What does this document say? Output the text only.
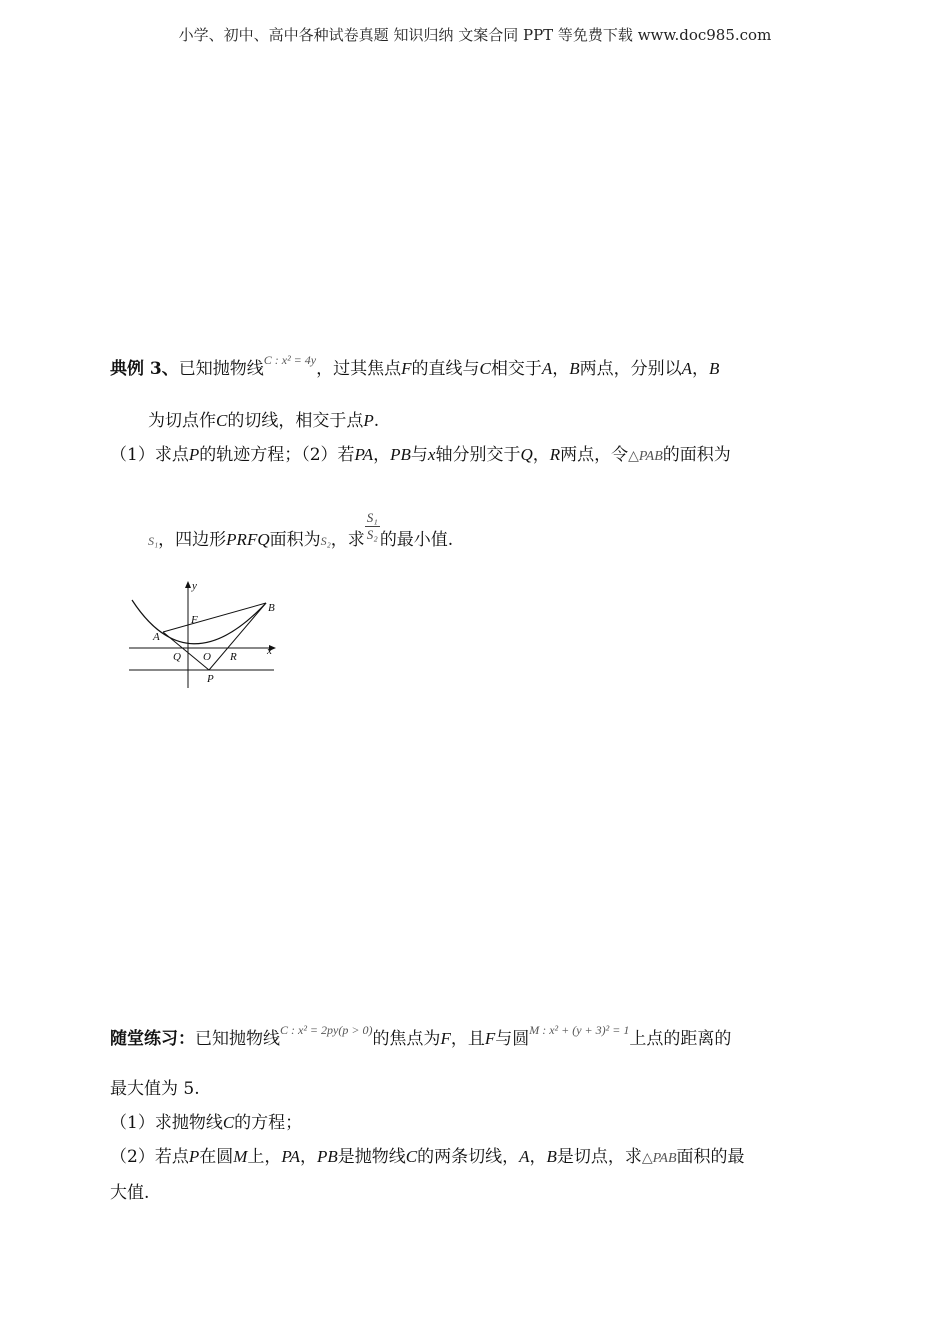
小学、初中、高中各种试卷真题 知识归纳 文案合同 PPT 等免费下载 www.doc985.com
典例 3、已知抛物线$^{C : x^2 = 4y}$，过其焦点F的直线与C相交于A，B两点，分别以A，B
为切点作C的切线，相交于点P.
（1）求点P的轨迹方程；（2）若PA，PB与x轴分别交于Q，R两点，令△PAB的面积为
S₁，四边形PRFQ面积为S₂，求 $\frac{\text{S₁}}{\text{S₂}}$ 的最小值.
y
x
B
F
A
Q O R
P
随堂练习：已知抛物线$^{C : x^2 = 2py(p > 0)}$的焦点为F，且F与圆$^{M : x^2 + (y + 3)^2 = 1}$上点的距离的
最大值为 5.
（1）求抛物线C的方程；
（2）若点P在圆M上，PA，PB是抛物线C的两条切线，A，B是切点，求△PAB面积的最
大值.
